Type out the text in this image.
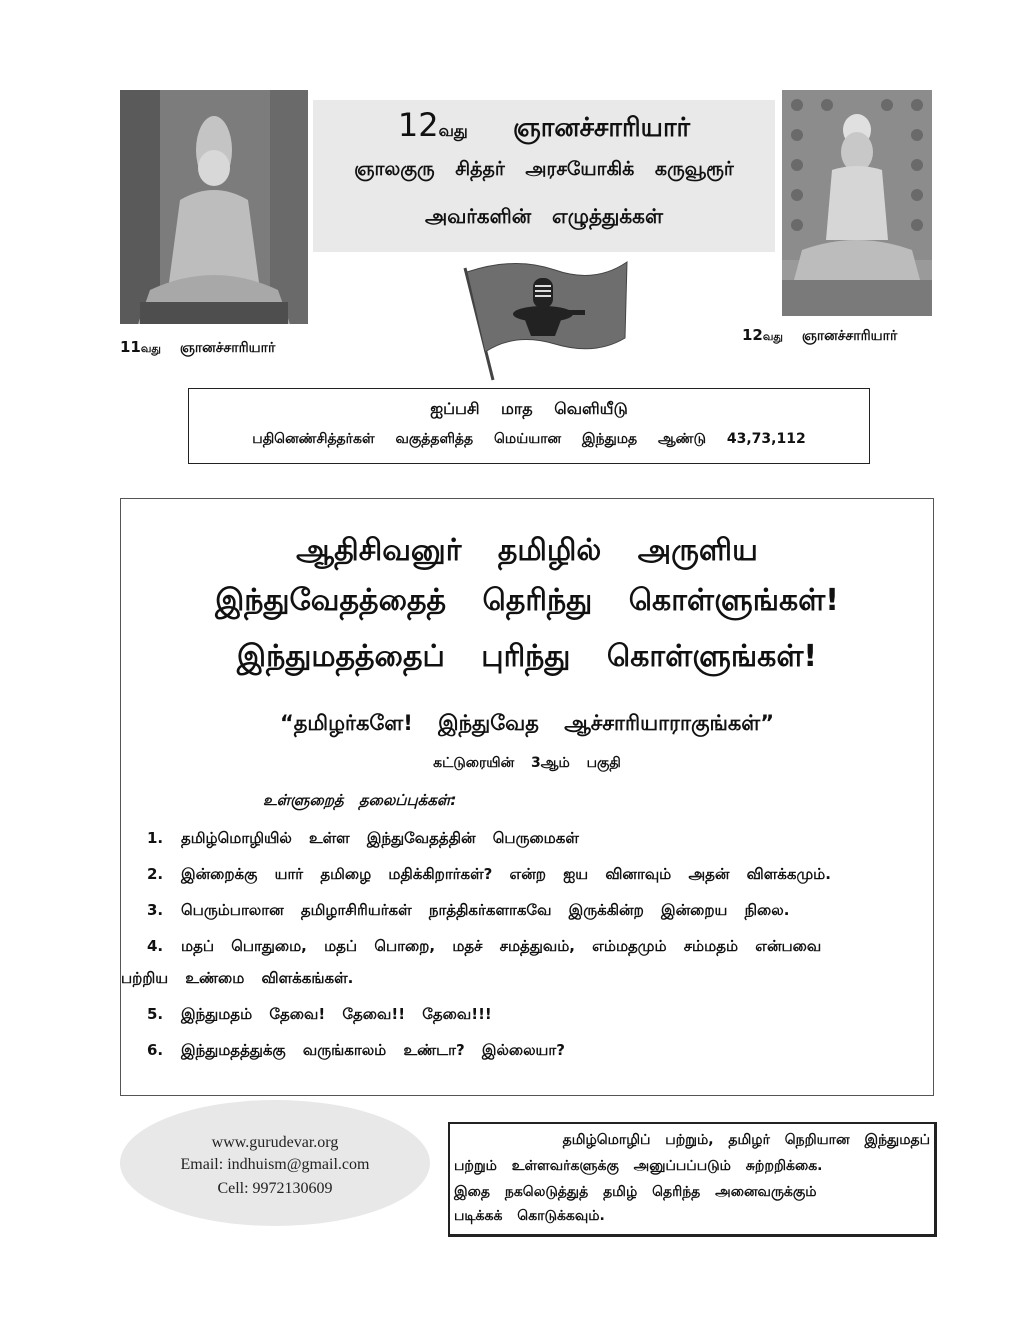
11வது ஞானச்சாரியார்
12வது ஞானச்சாரியார்
12வது ஞானச்சாரியார்
ஞாலகுரு சித்தர் அரசயோகிக் கருவூரூர்
அவர்களின் எழுத்துக்கள்
ஐப்பசி மாத வெளியீடு
பதினெண்சித்தர்கள் வகுத்தளித்த மெய்யான இந்துமத ஆண்டு 43,73,112
ஆதிசிவனுர் தமிழில் அருளிய
இந்துவேதத்தைத் தெரிந்து கொள்ளுங்கள்!
இந்துமதத்தைப் புரிந்து கொள்ளுங்கள்!
“தமிழர்களே! இந்துவேத ஆச்சாரியாராகுங்கள்”
கட்டுரையின் 3ஆம் பகுதி
உள்ளுறைத் தலைப்புக்கள்:
1. தமிழ்மொழியில் உள்ள இந்துவேதத்தின் பெருமைகள்
2. இன்றைக்கு யார் தமிழை மதிக்கிறார்கள்? என்ற ஐய வினாவும் அதன் விளக்கமும்.
3. பெரும்பாலான தமிழாசிரியர்கள் நாத்திகர்களாகவே இருக்கின்ற இன்றைய நிலை.
4. மதப் பொதுமை, மதப் பொறை, மதச் சமத்துவம், எம்மதமும் சம்மதம் என்பவை
பற்றிய உண்மை விளக்கங்கள்.
5. இந்துமதம் தேவை! தேவை!! தேவை!!!
6. இந்துமதத்துக்கு வருங்காலம் உண்டா? இல்லையா?
www.gurudevar.org
Email: indhuism@gmail.com
Cell: 9972130609
தமிழ்மொழிப் பற்றும், தமிழர் நெறியான இந்துமதப்
பற்றும் உள்ளவர்களுக்கு அனுப்பப்படும் சுற்றறிக்கை.
இதை நகலெடுத்துத் தமிழ் தெரிந்த அனைவருக்கும்
படிக்கக் கொடுக்கவும்.
